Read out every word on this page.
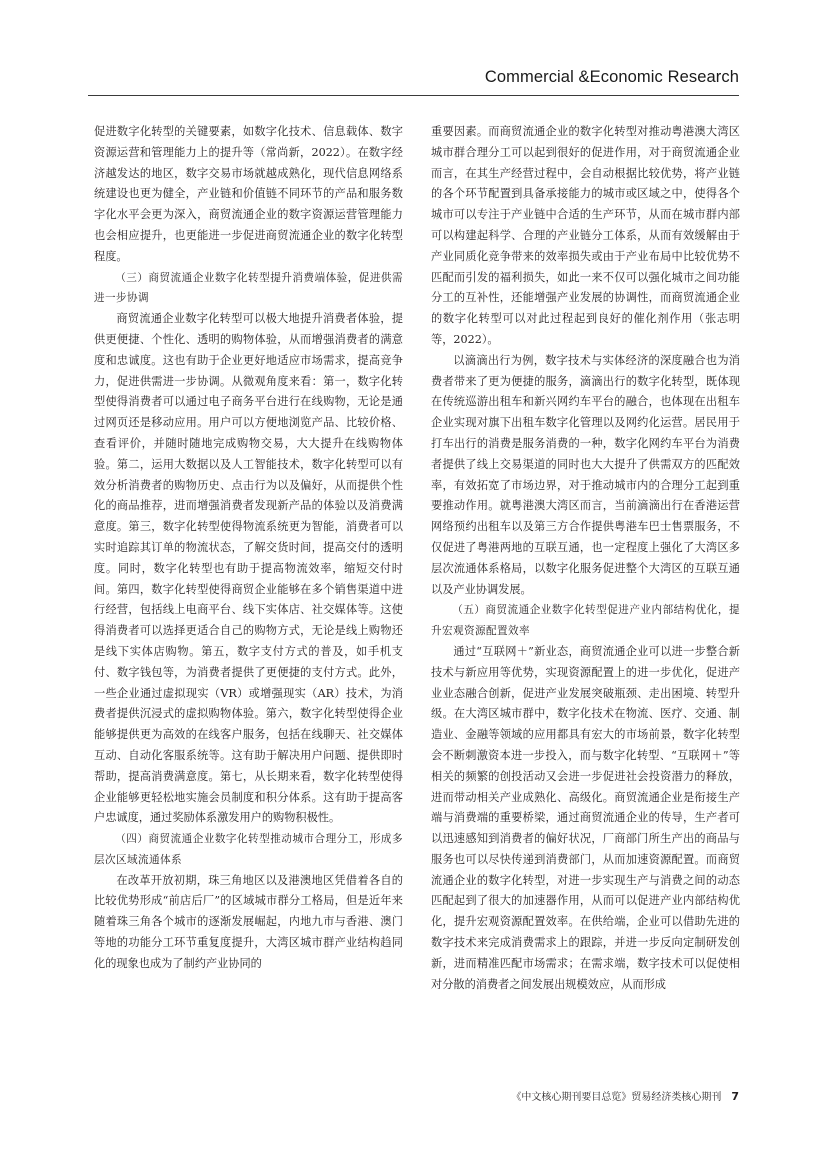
Commercial &Economic Research

促进数字化转型的关键要素，如数字化技术、信息载体、数字资源运营和管理能力上的提升等（常尚新，2022）。在数字经济越发达的地区，数字交易市场就越成熟化，现代信息网络系统建设也更为健全，产业链和价值链不同环节的产品和服务数字化水平会更为深入，商贸流通企业的数字资源运营管理能力也会相应提升，也更能进一步促进商贸流通企业的数字化转型程度。

（三）商贸流通企业数字化转型提升消费端体验，促进供需进一步协调

商贸流通企业数字化转型可以极大地提升消费者体验，提供更便捷、个性化、透明的购物体验，从而增强消费者的满意度和忠诚度。这也有助于企业更好地适应市场需求，提高竞争力，促进供需进一步协调。从微观角度来看：第一，数字化转型使得消费者可以通过电子商务平台进行在线购物，无论是通过网页还是移动应用。用户可以方便地浏览产品、比较价格、查看评价，并随时随地完成购物交易，大大提升在线购物体验。第二，运用大数据以及人工智能技术，数字化转型可以有效分析消费者的购物历史、点击行为以及偏好，从而提供个性化的商品推荐，进而增强消费者发现新产品的体验以及消费满意度。第三，数字化转型使得物流系统更为智能，消费者可以实时追踪其订单的物流状态，了解交货时间，提高交付的透明度。同时，数字化转型也有助于提高物流效率，缩短交付时间。第四，数字化转型使得商贸企业能够在多个销售渠道中进行经营，包括线上电商平台、线下实体店、社交媒体等。这使得消费者可以选择更适合自己的购物方式，无论是线上购物还是线下实体店购物。第五，数字支付方式的普及，如手机支付、数字钱包等，为消费者提供了更便捷的支付方式。此外，一些企业通过虚拟现实（VR）或增强现实（AR）技术，为消费者提供沉浸式的虚拟购物体验。第六，数字化转型使得企业能够提供更为高效的在线客户服务，包括在线聊天、社交媒体互动、自动化客服系统等。这有助于解决用户问题、提供即时帮助，提高消费满意度。第七，从长期来看，数字化转型使得企业能够更轻松地实施会员制度和积分体系。这有助于提高客户忠诚度，通过奖励体系激发用户的购物积极性。

（四）商贸流通企业数字化转型推动城市合理分工，形成多层次区域流通体系

在改革开放初期，珠三角地区以及港澳地区凭借着各自的比较优势形成“前店后厂”的区域城市群分工格局，但是近年来随着珠三角各个城市的逐渐发展崛起，内地九市与香港、澳门等地的功能分工环节重复度提升，大湾区城市群产业结构趋同化的现象也成为了制约产业协同的

重要因素。而商贸流通企业的数字化转型对推动粤港澳大湾区城市群合理分工可以起到很好的促进作用，对于商贸流通企业而言，在其生产经营过程中，会自动根据比较优势，将产业链的各个环节配置到具备承接能力的城市或区域之中，使得各个城市可以专注于产业链中合适的生产环节，从而在城市群内部可以构建起科学、合理的产业链分工体系，从而有效缓解由于产业同质化竞争带来的效率损失或由于产业布局中比较优势不匹配而引发的福利损失，如此一来不仅可以强化城市之间功能分工的互补性，还能增强产业发展的协调性，而商贸流通企业的数字化转型可以对此过程起到良好的催化剂作用（张志明等，2022）。

以滴滴出行为例，数字技术与实体经济的深度融合也为消费者带来了更为便捷的服务，滴滴出行的数字化转型，既体现在传统巡游出租车和新兴网约车平台的融合，也体现在出租车企业实现对旗下出租车数字化管理以及网约化运营。居民用于打车出行的消费是服务消费的一种，数字化网约车平台为消费者提供了线上交易渠道的同时也大大提升了供需双方的匹配效率，有效拓宽了市场边界，对于推动城市内的合理分工起到重要推动作用。就粤港澳大湾区而言，当前滴滴出行在香港运营网络预约出租车以及第三方合作提供粤港车巴士售票服务，不仅促进了粤港两地的互联互通，也一定程度上强化了大湾区多层次流通体系格局，以数字化服务促进整个大湾区的互联互通以及产业协调发展。

（五）商贸流通企业数字化转型促进产业内部结构优化，提升宏观资源配置效率

通过“互联网＋”新业态，商贸流通企业可以进一步整合新技术与新应用等优势，实现资源配置上的进一步优化，促进产业业态融合创新，促进产业发展突破瓶颈、走出困境、转型升级。在大湾区城市群中，数字化技术在物流、医疗、交通、制造业、金融等领域的应用都具有宏大的市场前景，数字化转型会不断刺激资本进一步投入，而与数字化转型、“互联网＋”等相关的频繁的创投活动又会进一步促进社会投资潜力的释放，进而带动相关产业成熟化、高级化。商贸流通企业是衔接生产端与消费端的重要桥梁，通过商贸流通企业的传导，生产者可以迅速感知到消费者的偏好状况，厂商部门所生产出的商品与服务也可以尽快传递到消费部门，从而加速资源配置。而商贸流通企业的数字化转型，对进一步实现生产与消费之间的动态匹配起到了很大的加速器作用，从而可以促进产业内部结构优化，提升宏观资源配置效率。在供给端，企业可以借助先进的数字技术来完成消费需求上的跟踪，并进一步反向定制研发创新，进而精准匹配市场需求；在需求端，数字技术可以促使相对分散的消费者之间发展出规模效应，从而形成

《中文核心期刊要目总览》贸易经济类核心期刊 7
